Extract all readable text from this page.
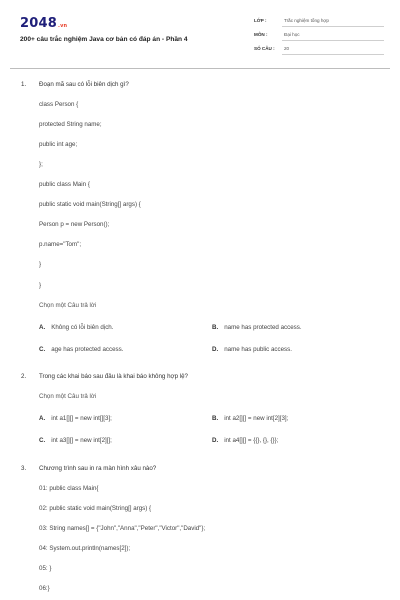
2048.vn
200+ câu trắc nghiệm Java cơ bản có đáp án - Phần 4
LỚP :	Trắc nghiệm tổng hợp
MÔN :	Đại học
SỐ CÂU : 20
1. Đoạn mã sau có lỗi biên dịch gì?
class Person {
protected String name;
public int age;
};
public class Main {
public static void main(String[] args) {
Person p = new Person();
p.name="Tom";
}
}
Chọn một Câu trả lời
A. Không có lỗi biên dịch.	B. name has protected access.
C. age has protected access.	D. name has public access.
2. Trong các khai báo sau đâu là khai báo không hợp lệ?
Chọn một Câu trả lời
A. int a1[][] = new int[][3];	B. int a2[][] = new int[2][3];
C. int a3[][] = new int[2][];	D. int a4[][] = {{}, {}, {}};
3. Chương trình sau in ra màn hình xâu nào?
01: public class Main{
02: public static void main(String[] args) {
03: String names[] = {"John","Anna","Peter","Victor","David"};
04: System.out.println(names[2]);
05: }
06:}
